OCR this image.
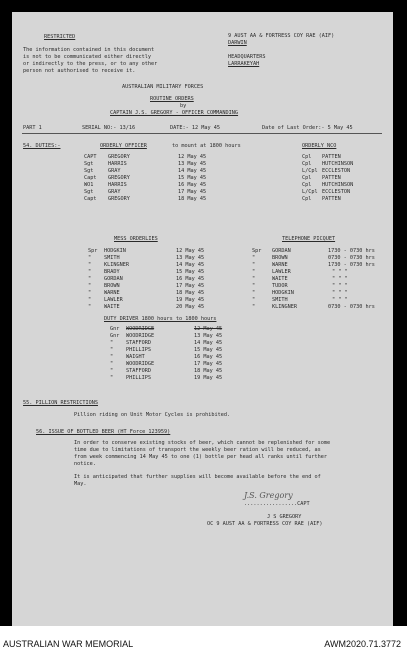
RESTRICTED
The information contained in this document
is not to be communicated either directly
or indirectly to the press, or to any other
person not authorised to receive it.
9 AUST AA & FORTRESS COY RAE (AIF)
DARWIN
HEADQUARTERS
LARRAKEYAH
AUSTRALIAN MILITARY FORCES
ROUTINE ORDERS
by
CAPTAIN J.S. GREGORY - OFFICER COMMANDING
PART 1	SERIAL NO:- 13/16	DATE:- 12 May 45	Date of Last Order:- 5 May 45
54. DUTIES:-	ORDERLY OFFICER	to mount at 1800 hours	ORDERLY NCO
CAPT GREGORY	12 May 45	Cpl PATTEN
Sgt	HARRIS	13 May 45	Cpl HUTCHINSON
Sgt	GRAY	14 May 45	L/Cpl ECCLESTON
Capt GREGORY	15 May 45	Cpl PATTEN
WO1	HARRIS	16 May 45	Cpl HUTCHINSON
Sgt	GRAY	17 May 45	L/Cpl ECCLESTON
Capt GREGORY	18 May 45	Cpl PATTEN
MESS ORDERLIES	TELEPHONE PICQUET
Spr HODGKIN	12 May 45	Spr GORDAN	1730 - 0730 hrs
" SMITH	13 May 45	"	BROWN	0730 - 0730 hrs
" KLINGNER	14 May 45	"	WARNE	1730 - 0730 hrs
" BRADY	15 May 45	"	LAWLER	" " "
" GORDAN	16 May 45	"	WAITE	" " "
" BROWN	17 May 45	"	TUDOR	" " "
" WARNE	18 May 45	"	HODGKIN	" " "
" LAWLER	19 May 45	"	SMITH	" " "
" WAITE	20 May 45	"	KLINGNER	0730 - 0730 hrs
DUTY DRIVER 1800 hours to 1800 hours
Gnr WOODRIDGE	12 May 45
Gnr WOODRIDGE	13 May 45
" STAFFORD	14 May 45
" PHILLIPS	15 May 45
" WAIGHT	16 May 45
" WOODRIDGE	17 May 45
" STAFFORD	18 May 45
" PHILLIPS	19 May 45
55. PILLION RESTRICTIONS
Pillion riding on Unit Motor Cycles is prohibited.
56. ISSUE OF BOTTLED BEER (HT Force 123959)
In order to conserve existing stocks of beer, which cannot be replenished for some
time due to limitations of transport the weekly beer ration will be reduced, as
from week commencing 14 May 45 to one (1) bottle per head all ranks until further
notice.
It is anticipated that further supplies will become available before the end of
May.
J.S. Gregory
.................CAPT
J S GREGORY
OC 9 AUST AA & FORTRESS COY RAE (AIF)
AUSTRALIAN WAR MEMORIAL	AWM2020.71.3772
